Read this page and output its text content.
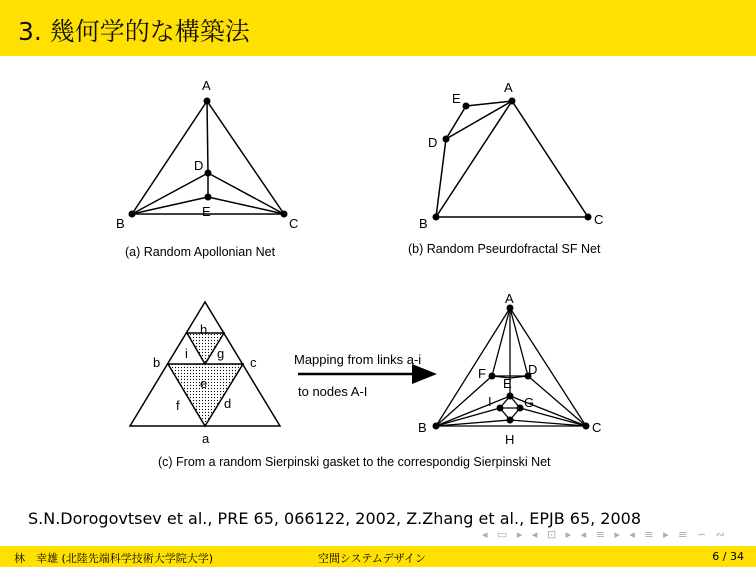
3. 幾何学的な構築法
A
B	C
D
E
(a) Random Apollonian Net
A
B	C
D
E
(b) Random Pseurdofractal SF Net
a
b	c
d
e
f
g
h
i	Mapping from links a-i
to nodes A-I
A
B	C
D
E
F
G
H
I
(c) From a random Sierpinski gasket to the correspondig Sierpinski Net
S.N.Dorogovtsev et al., PRE 65, 066122, 2002, Z.Zhang et al., EPJB 65, 2008
◂ ▭ ▸ ◂ ⊡ ▸ ◂ ≡ ▸ ◂ ≡ ▸ ≡ ∽ ∾
林　幸雄 (北陸先端科学技術大学院大学)	空間システムデザイン	6 / 34
